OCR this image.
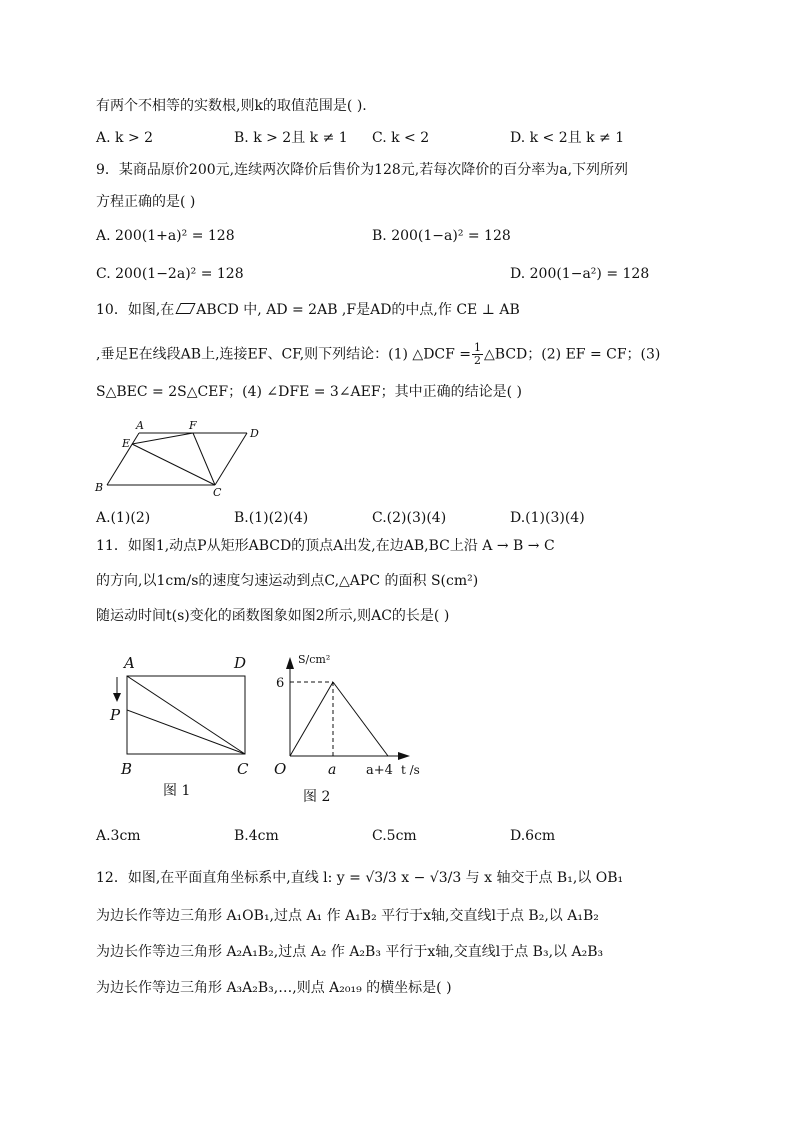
有两个不相等的实数根,则k的取值范围是( ).
A. k > 2	B. k > 2且 k ≠ 1 C. k < 2	D. k < 2且 k ≠ 1
9．某商品原价200元,连续两次降价后售价为128元,若每次降价的百分率为a,下列所列
方程正确的是( )
A. 200(1+a)² = 128	B. 200(1−a)² = 128
C. 200(1−2a)² = 128	D. 200(1−a²) = 128
10．如图,在 ABCD 中, AD = 2AB ,F是AD的中点,作 CE ⊥ AB
,垂足E在线段AB上,连接EF、CF,则下列结论：(1) △DCF = $\frac{1}{2}$ △BCD；(2) EF = CF；(3)
S△BEC = 2S△CEF；(4) ∠DFE = 3∠AEF；其中正确的结论是( )
A	F
D
E
B	C
A.(1)(2)	B.(1)(2)(4)	C.(2)(3)(4)	D.(1)(3)(4)
11．如图1,动点P从矩形ABCD的顶点A出发,在边AB,BC上沿 A → B → C
的方向,以1cm/s的速度匀速运动到点C,△APC 的面积 S(cm²)
随运动时间t(s)变化的函数图象如图2所示,则AC的长是( )
A	D
P
B	C
图 1
S/cm²
6
O	a a+4 t /s
图 2
A.3cm	B.4cm	C.5cm	D.6cm
12．如图,在平面直角坐标系中,直线 l: y = √3/3 x − √3/3 与 x 轴交于点 B₁,以 OB₁
为边长作等边三角形 A₁OB₁,过点 A₁ 作 A₁B₂ 平行于x轴,交直线l于点 B₂,以 A₁B₂
为边长作等边三角形 A₂A₁B₂,过点 A₂ 作 A₂B₃ 平行于x轴,交直线l于点 B₃,以 A₂B₃
为边长作等边三角形 A₃A₂B₃,…,则点 A₂₀₁₉ 的横坐标是( )
